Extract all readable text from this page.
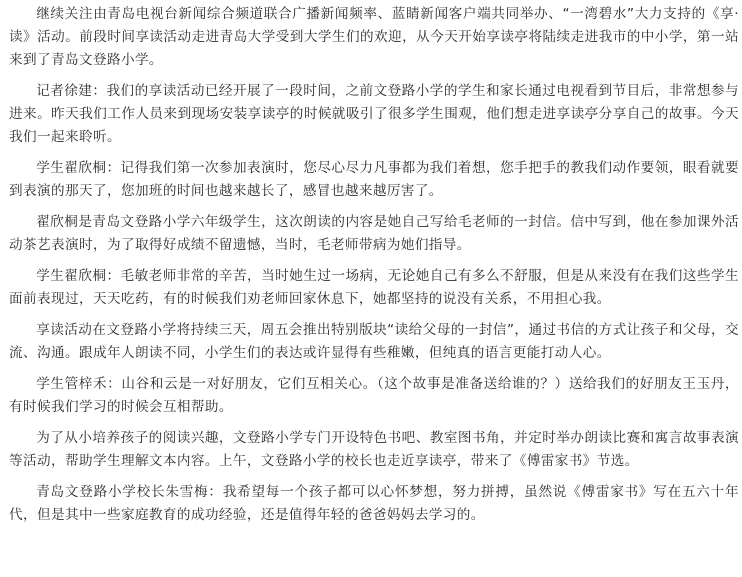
继续关注由青岛电视台新闻综合频道联合广播新闻频率、蓝睛新闻客户端共同举办、“一湾碧水”大力支持的《享·读》活动。前段时间享读活动走进青岛大学受到大学生们的欢迎，从今天开始享读亭将陆续走进我市的中小学，第一站来到了青岛文登路小学。

记者徐建：我们的享读活动已经开展了一段时间，之前文登路小学的学生和家长通过电视看到节目后，非常想参与进来。昨天我们工作人员来到现场安装享读亭的时候就吸引了很多学生围观，他们想走进享读亭分享自己的故事。今天我们一起来聆听。

学生翟欣桐：记得我们第一次参加表演时，您尽心尽力凡事都为我们着想，您手把手的教我们动作要领，眼看就要到表演的那天了，您加班的时间也越来越长了，感冒也越来越厉害了。

翟欣桐是青岛文登路小学六年级学生，这次朗读的内容是她自己写给毛老师的一封信。信中写到，他在参加课外活动茶艺表演时，为了取得好成绩不留遗憾，当时，毛老师带病为她们指导。

学生翟欣桐：毛敏老师非常的辛苦，当时她生过一场病，无论她自己有多么不舒服，但是从来没有在我们这些学生面前表现过，天天吃药，有的时候我们劝老师回家休息下，她都坚持的说没有关系，不用担心我。

享读活动在文登路小学将持续三天，周五会推出特别版块“读给父母的一封信”，通过书信的方式让孩子和父母，交流、沟通。跟成年人朗读不同，小学生们的表达或许显得有些稚嫩，但纯真的语言更能打动人心。

学生管梓禾：山谷和云是一对好朋友，它们互相关心。（这个故事是准备送给谁的？）送给我们的好朋友王玉丹，有时候我们学习的时候会互相帮助。

为了从小培养孩子的阅读兴趣，文登路小学专门开设特色书吧、教室图书角，并定时举办朗读比赛和寓言故事表演等活动，帮助学生理解文本内容。上午，文登路小学的校长也走近享读亭，带来了《傅雷家书》节选。

青岛文登路小学校长朱雪梅：我希望每一个孩子都可以心怀梦想，努力拼搏，虽然说《傅雷家书》写在五六十年代，但是其中一些家庭教育的成功经验，还是值得年轻的爸爸妈妈去学习的。
